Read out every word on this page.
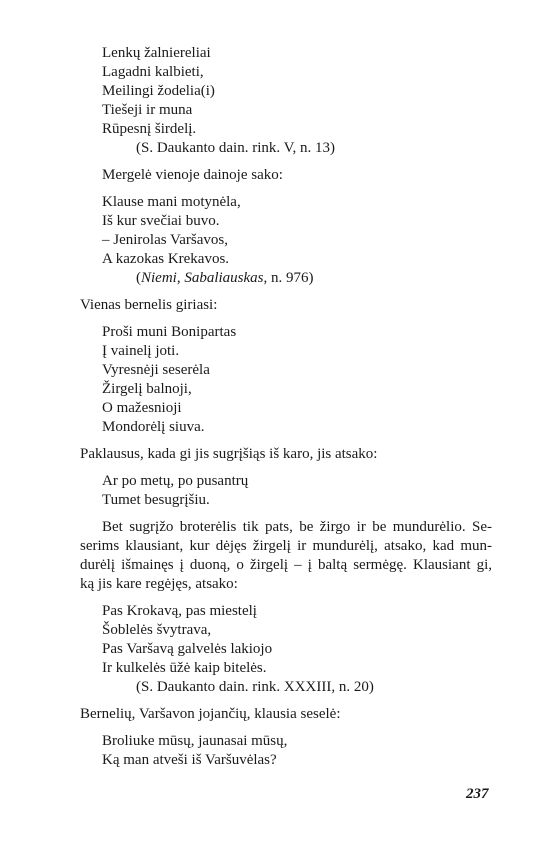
Lenkų žalniereliai
Lagadni kalbieti,
Meilingi žodelia(i)
Tiešeji ir muna
Rūpesnį širdelį.
(S. Daukanto dain. rink. V, n. 13)
Mergelė vienoje dainoje sako:
Klause mani motynėla,
Iš kur svečiai buvo.
– Jenirolas Varšavos,
A kazokas Krekavos.
(Niemi, Sabaliauskas, n. 976)
Vienas bernelis giriasi:
Proši muni Bonipartas
Į vainelį joti.
Vyresnėji seserėla
Žirgelį balnoji,
O mažesnioji
Mondorėlį siuva.
Paklausus, kada gi jis sugrįšiąs iš karo, jis atsako:
Ar po metų, po pusantrų
Tumet besugrįšiu.
Bet sugrįžo broterėlis tik pats, be žirgo ir be mundurėlio. Se-
serims klausiant, kur dėjęs žirgelį ir mundurėlį, atsako, kad mun-
durėlį išmainęs į duoną, o žirgelį – į baltą sermėgę. Klausiant gi,
ką jis kare regėjęs, atsako:
Pas Krokavą, pas miestelį
Šoblelės švytrava,
Pas Varšavą galvelės lakiojo
Ir kulkelės ūžė kaip bitelės.
(S. Daukanto dain. rink. XXXIII, n. 20)
Bernelių, Varšavon jojančių, klausia seselė:
Broliuke mūsų, jaunasai mūsų,
Ką man atveši iš Varšuvėlas?
237
